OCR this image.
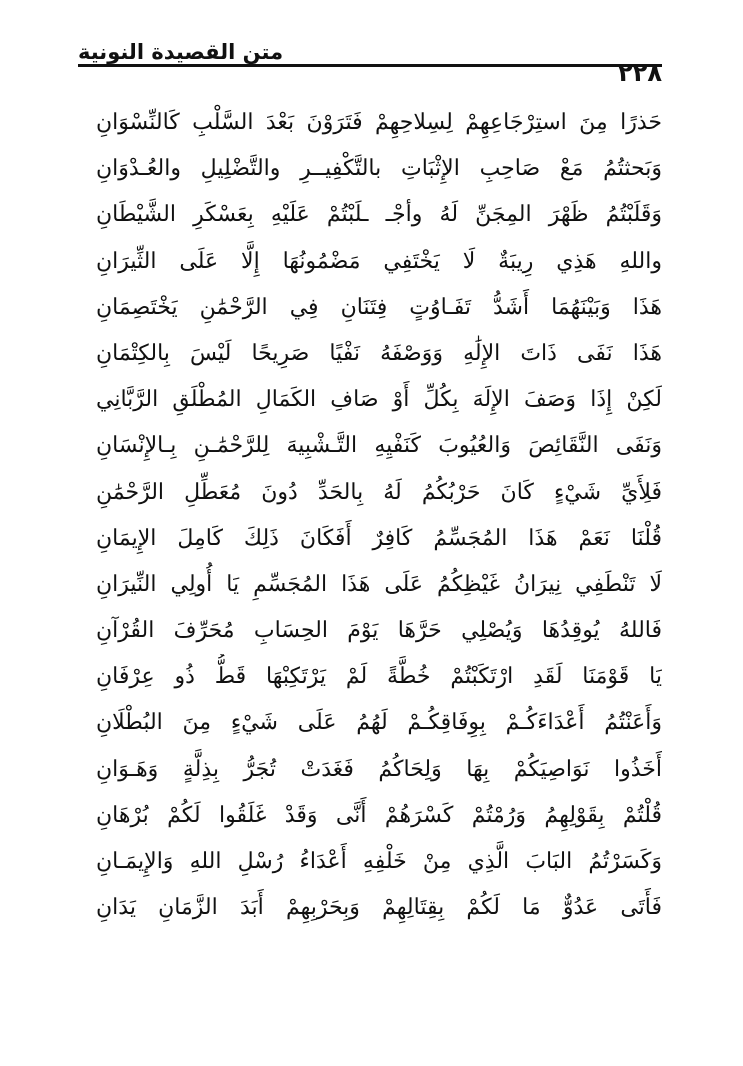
متن القصيدة النونية
٢٢٨
حَذرًا مِنَ استِرْجَاعِهِمْ لِسِلاحِهِمْ فَتَرَوْنَ بَعْدَ السَّلْبِ كَالنِّسْوَانِ
وَبَحثتُمُ مَعْ صَاحِبِ الإِثْبَاتِ بالتَّكْفِيــرِ والتَّضْلِيلِ والعُـدْوَانِ
وَقَلَبْتُمُ ظَهْرَ المِجَنِّ لَهُ وأجْـ ـلَبْتُمْ عَلَيْهِ بِعَسْكَرِ الشَّيْطَانِ
واللهِ هَذِي رِيبَةٌ لَا يَخْتَفِي مَضْمُونُهَا إِلَّا عَلَى الثِّيرَانِ
هَذَا وَبَيْنَهُمَا أَشَدُّ تَفَـاوُتٍ فِتَنَانِ فِي الرَّحْمَٰنِ يَخْتَصِمَانِ
هَذَا نَفَى ذَاتَ الإِلَٰهِ وَوَصْفَهُ نَفْيًا صَرِيحًا لَيْسَ بِالكِتْمَانِ
لَكِنْ إِذَا وَصَفَ الإِلَهَ بِكُلِّ أَوْ صَافِ الكَمَالِ المُطْلَقِ الرَّبَّانِي
وَنَفَى النَّقَائِصَ وَالعُيُوبَ كَنَفْيِهِ التَّـشْبِيهَ لِلرَّحْمَٰـنِ بِـالإِنْسَانِ
فَلِأَيِّ شَيْءٍ كَانَ حَرْبُكُمُ لَهُ بِالحَدِّ دُونَ مُعَطِّلِ الرَّحْمَٰنِ
قُلْنَا نَعَمْ هَذَا المُجَسِّمُ كَافِرٌ أَفَكَانَ ذَلِكَ كَامِلَ الإِيمَانِ
لَا تَنْطَفِي نِيرَانُ غَيْظِكُمُ عَلَى هَذَا المُجَسِّمِ يَا أُولِي النِّيرَانِ
فَاللهُ يُوقِدُهَا وَيُصْلِي حَرَّهَا يَوْمَ الحِسَابِ مُحَرِّفَ القُرْآنِ
يَا قَوْمَنَا لَقَدِ ارْتَكَبْتُمْ خُطَّةً لَمْ يَرْتَكِبْهَا قَطُّ ذُو عِرْفَانِ
وَأَعَنْتُمُ أَعْدَاءَكُـمْ بِوِفَاقِكُـمْ لَهُمُ عَلَى شَيْءٍ مِنَ البُطْلَانِ
أَخَذُوا نَوَاصِيَكُمْ بِهَا وَلِحَاكُمُ فَغَدَتْ تُجَرُّ بِذِلَّةٍ وَهَـوَانِ
قُلْتُمْ بِقَوْلِهِمُ وَرُمْتُمْ كَسْرَهُمْ أَنَّى وَقَدْ غَلَقُوا لَكُمْ بُرْهَانِ
وَكَسَرْتُمُ البَابَ الَّذِي مِنْ خَلْفِهِ أَعْدَاءُ رُسْلِ اللهِ وَالإِيمَـانِ
فَأَتَى عَدُوٌّ مَا لَكُمْ بِقِتَالِهِمْ وَبِحَرْبِهِمْ أَبَدَ الزَّمَانِ يَدَانِ
